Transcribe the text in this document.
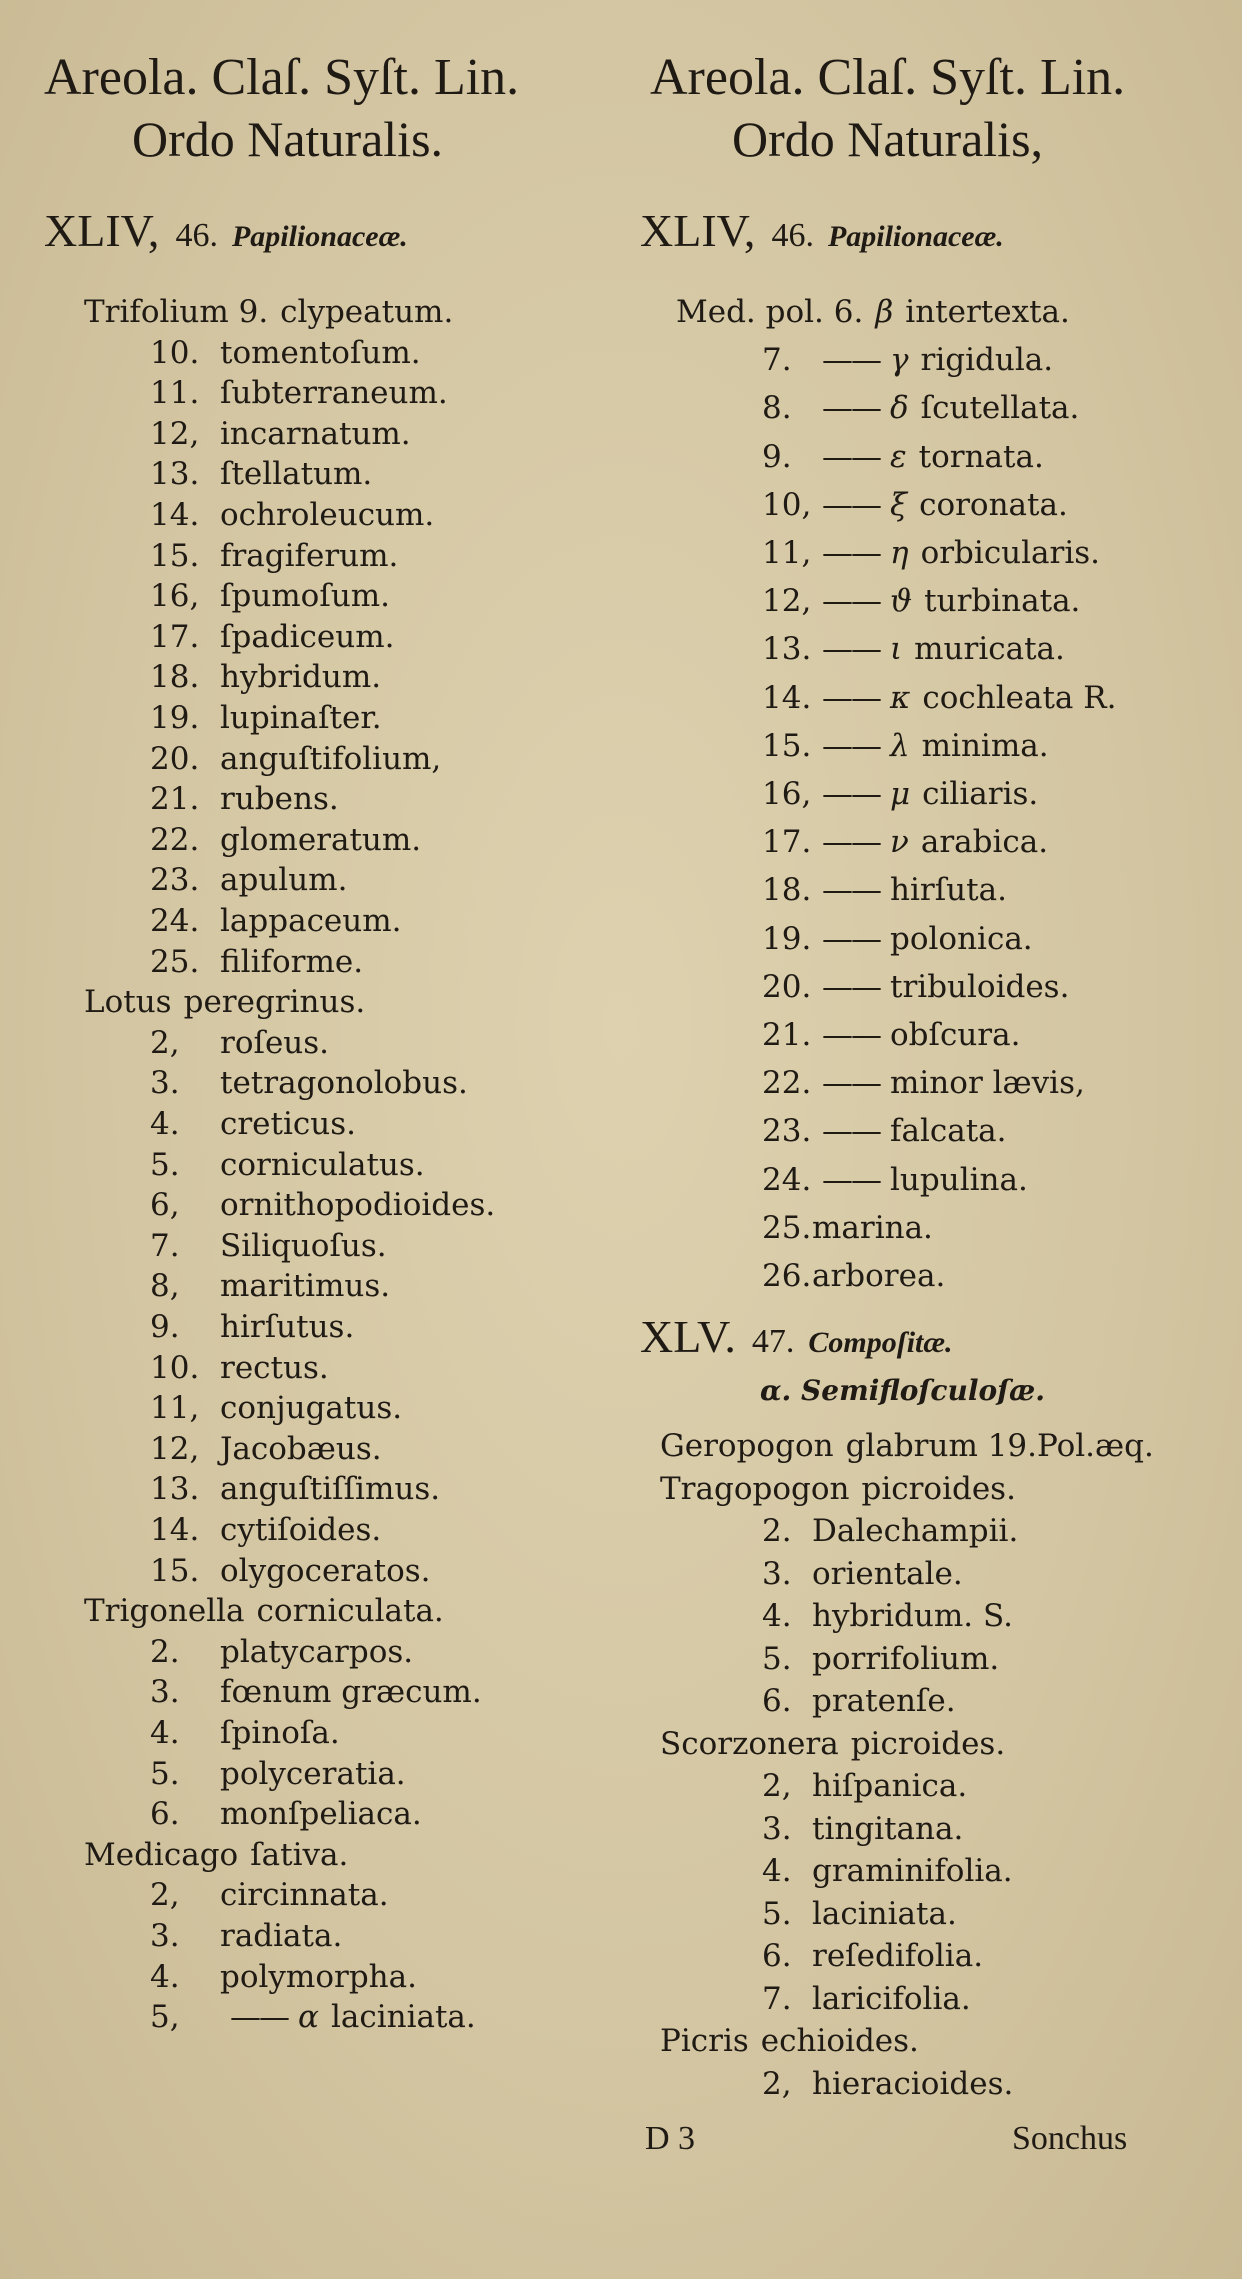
Areola. Claſ. Syſt. Lin.
Ordo Naturalis.
Areola. Claſ. Syſt. Lin.
Ordo Naturalis,
XLIV, 46. Papilionaceæ.
Trifolium 9. clypeatum.
10. tomentoſum.
11. ſubterraneum.
12, incarnatum.
13. ſtellatum.
14. ochroleucum.
15. fragiferum.
16, ſpumoſum.
17. ſpadiceum.
18. hybridum.
19. lupinaſter.
20. anguſtifolium,
21. rubens.
22. glomeratum.
23. apulum.
24. lappaceum.
25. filiforme.
Lotus peregrinus.
2, roſeus.
3. tetragonolobus.
4. creticus.
5. corniculatus.
6, ornithopodioides.
7. Siliquoſus.
8, maritimus.
9. hirſutus.
10. rectus.
11, conjugatus.
12, Jacobæus.
13. anguſtiſſimus.
14. cytiſoides.
15. olygoceratos.
Trigonella corniculata.
2. platycarpos.
3. fœnum græcum.
4. ſpinoſa.
5. polyceratia.
6. monſpeliaca.
Medicago ſativa.
2, circinnata.
3. radiata.
4. polymorpha.
5, —— α laciniata.
XLIV, 46. Papilionaceæ.
Med. pol. 6. β intertexta.
7. —— γ rigidula.
8. —— δ ſcutellata.
9. —— ε tornata.
10, —— ξ coronata.
11, —— η orbicularis.
12, —— ϑ turbinata.
13. —— ι muricata.
14. —— κ cochleata R.
15. —— λ minima.
16, —— μ ciliaris.
17. —— ν arabica.
18. —— hirſuta.
19. —— polonica.
20. —— tribuloides.
21. —— obſcura.
22. —— minor lævis,
23. —— falcata.
24. —— lupulina.
25.marina.
26.arborea.
XLV. 47. Compoſitæ.
α. Semifloſculoſæ.
Geropogon glabrum 19.Pol.æq.
Tragopogon picroides.
2. Dalechampii.
3. orientale.
4. hybridum. S.
5. porrifolium.
6. pratenſe.
Scorzonera picroides.
2, hiſpanica.
3. tingitana.
4. graminifolia.
5. laciniata.
6. reſedifolia.
7. laricifolia.
Picris echioides.
2, hieracioides.
D 3	Sonchus
